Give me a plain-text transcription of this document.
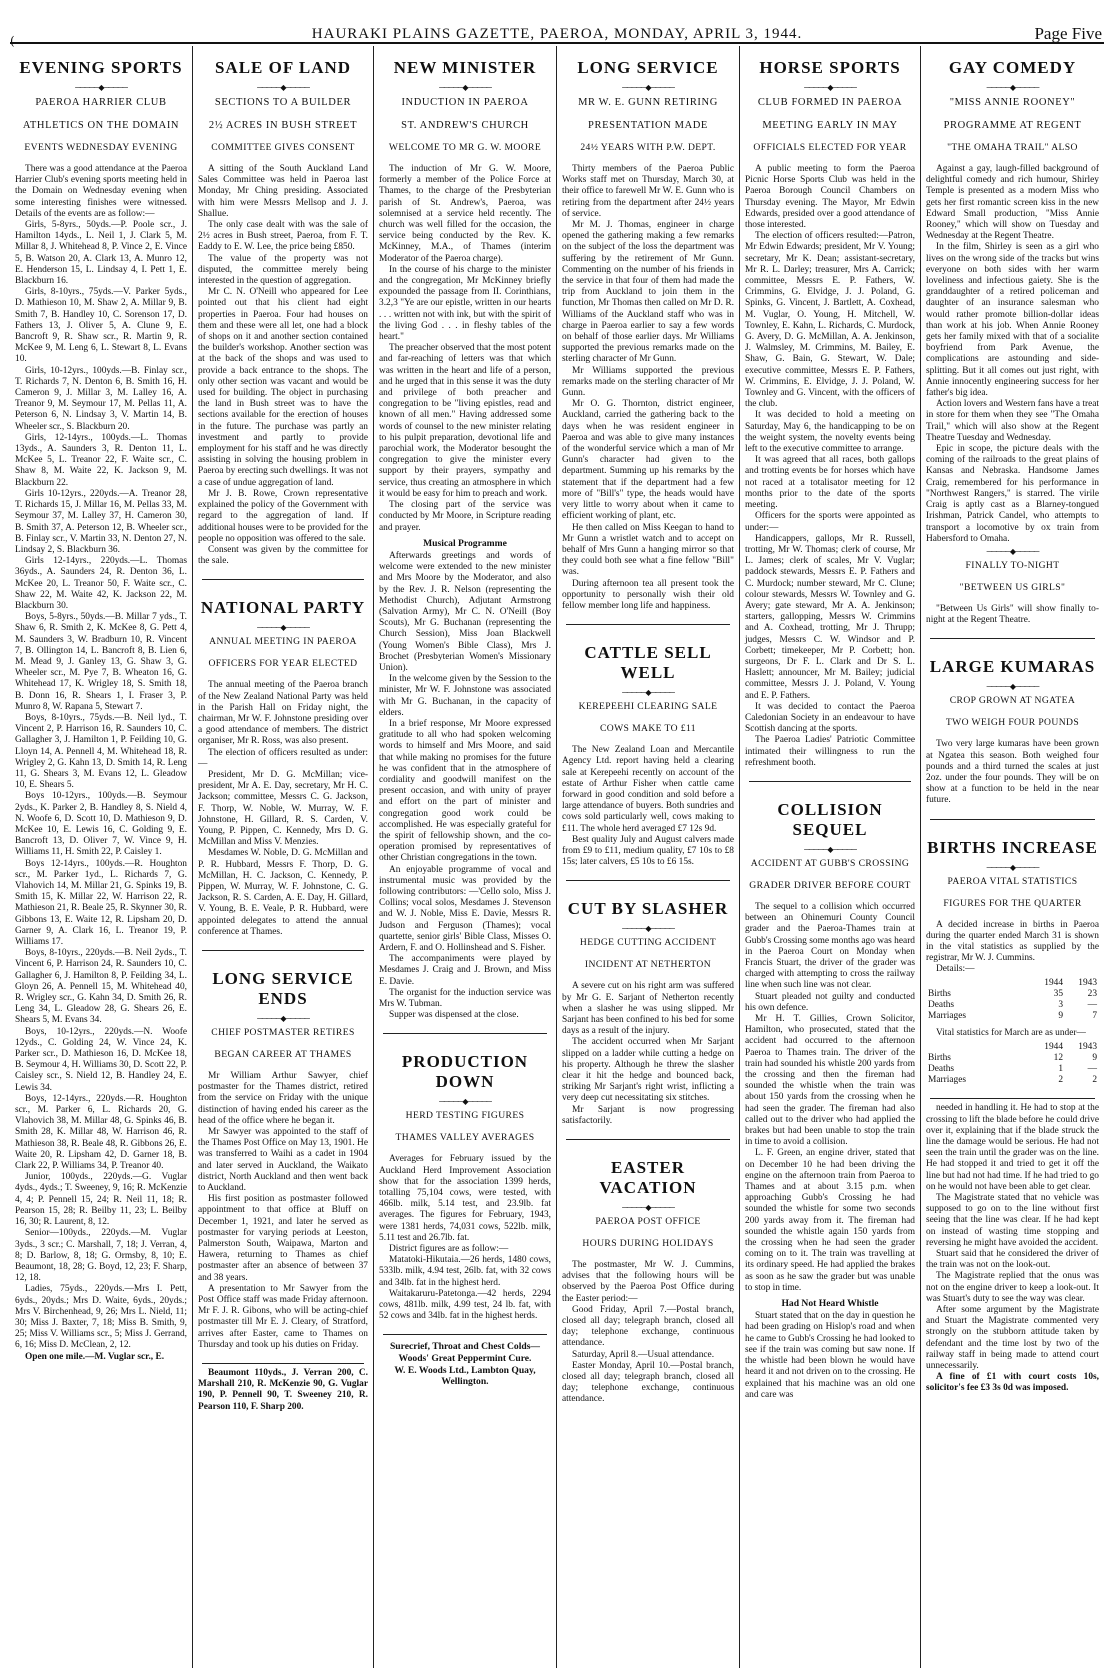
(	HAURAKI PLAINS GAZETTE, PAEROA, MONDAY, APRIL 3, 1944.	Page Five
EVENING SPORTS
─────◆─────
PAEROA HARRIER CLUB
ATHLETICS ON THE DOMAIN
EVENTS WEDNESDAY EVENING

There was a good attendance at the Paeroa Harrier Club's evening sports meeting held in the Domain on Wednesday evening when some interesting finishes were witnessed. Details of the events are as follow:—

Girls, 5-8yrs., 50yds.—P. Poole scr., J. Hamilton 14yds., L. Neil 1, J. Clark 5, M. Millar 8, J. Whitehead 8, P. Vince 2, E. Vince 5, B. Watson 20, A. Clark 13, A. Munro 12, E. Henderson 15, L. Lindsay 4, I. Pett 1, E. Blackburn 16.

Girls, 8-10yrs., 75yds.—V. Parker 5yds., D. Mathieson 10, M. Shaw 2, A. Millar 9, B. Smith 7, B. Handley 10, C. Sorenson 17, D. Fathers 13, J. Oliver 5, A. Clune 9, E. Bancroft 9, R. Shaw scr., R. Martin 9, R. McKee 9, M. Leng 6, L. Stewart 8, L. Evans 10.

Girls, 10-12yrs., 100yds.—B. Finlay scr., T. Richards 7, N. Denton 6, B. Smith 16, H. Cameron 9, J. Millar 3, M. Lalley 16, A. Treanor 9, M. Seymour 17, M. Pellas 11, A. Peterson 6, N. Lindsay 3, V. Martin 14, B. Wheeler scr., S. Blackburn 20.

Girls, 12-14yrs., 100yds.—L. Thomas 13yds., A. Saunders 3, R. Denton 11, L. McKee 5, L. Treanor 22, F. Waite scr., C. Shaw 8, M. Waite 22, K. Jackson 9, M. Blackburn 22.

Girls 10-12yrs., 220yds.—A. Treanor 28, T. Richards 15, J. Millar 16, M. Pellas 33, M. Seymour 37, M. Lalley 37, H. Cameron 30, B. Smith 37, A. Peterson 12, B. Wheeler scr., B. Finlay scr., V. Martin 33, N. Denton 27, N. Lindsay 2, S. Blackburn 36.

Girls 12-14yrs., 220yds.—L. Thomas 36yds., A. Saunders 24, R. Denton 36, L. McKee 20, L. Treanor 50, F. Waite scr., C. Shaw 22, M. Waite 42, K. Jackson 22, M. Blackburn 30.

Boys, 5-8yrs., 50yds.—B. Millar 7 yds., T. Shaw 6, R. Smith 2, K. McKee 8, G. Pett 4, M. Saunders 3, W. Bradburn 10, R. Vincent 7, B. Ollington 14, L. Bancroft 8, B. Lien 6, M. Mead 9, J. Ganley 13, G. Shaw 3, G. Wheeler scr., M. Pye 7, B. Wheaton 16, G. Whitehead 17, K. Wrigley 18, S. Smith 18, B. Donn 16, R. Shears 1, I. Fraser 3, P. Munro 8, W. Rapana 5, Stewart 7.

Boys, 8-10yrs., 75yds.—B. Neil lyd., T. Vincent 2, P. Harrison 16, R. Saunders 10, C. Gallagher 3, J. Hamilton 1, P. Feilding 10, G. Lloyn 14, A. Pennell 4, M. Whitehead 18, R. Wrigley 2, G. Kahn 13, D. Smith 14, R. Leng 11, G. Shears 3, M. Evans 12, L. Gleadow 10, E. Shears 5.

Boys 10-12yrs., 100yds.—B. Seymour 2yds., K. Parker 2, B. Handley 8, S. Nield 4, N. Woofe 6, D. Scott 10, D. Mathieson 9, D. McKee 10, E. Lewis 16, C. Golding 9, E. Bancroft 13, D. Oliver 7, W. Vince 9, H. Williams 11, H. Smith 22, P. Caisley 1.

Boys 12-14yrs., 100yds.—R. Houghton scr., M. Parker 1yd., L. Richards 7, G. Vlahovich 14, M. Millar 21, G. Spinks 19, B. Smith 15, K. Millar 22, W. Harrison 22, R. Mathieson 21, R. Beale 25, R. Skynner 30, R. Gibbons 13, E. Waite 12, R. Lipsham 20, D. Garner 9, A. Clark 16, L. Treanor 19, P. Williams 17.

Boys, 8-10yrs., 220yds.—B. Neil 2yds., T. Vincent 6, P. Harrison 24, R. Saunders 10, C. Gallagher 6, J. Hamilton 8, P. Feilding 34, L. Gloyn 26, A. Pennell 15, M. Whitehead 40, R. Wrigley scr., G. Kahn 34, D. Smith 26, R. Leng 34, L. Gleadow 28, G. Shears 26, E. Shears 5, M. Evans 34.

Boys, 10-12yrs., 220yds.—N. Woofe 12yds., C. Golding 24, W. Vince 24, K. Parker scr., D. Mathieson 16, D. McKee 18, B. Seymour 4, H. Williams 30, D. Scott 22, P. Caisley scr., S. Nield 12, B. Handley 24, E. Lewis 34.

Boys, 12-14yrs., 220yds.—R. Houghton scr., M. Parker 6, L. Richards 20, G. Vlahovich 38, M. Millar 48, G. Spinks 46, B. Smith 28, K. Millar 48, W. Harrison 46, R. Mathieson 38, R. Beale 48, R. Gibbons 26, E. Waite 20, R. Lipsham 42, D. Garner 18, B. Clark 22, P. Williams 34, P. Treanor 40.

Junior, 100yds., 220yds.—G. Vuglar 4yds., 4yds.; T. Sweeney, 9, 16; R. McKenzie 4, 4; P. Pennell 15, 24; R. Neil 11, 18; R. Pearson 15, 28; R. Beilby 11, 23; L. Beilby 16, 30; R. Laurent, 8, 12.

Senior—100yds., 220yds.—M. Vuglar 3yds., 3 scr.; C. Marshall, 7, 18; J. Verran, 4, 8; D. Barlow, 8, 18; G. Ormsby, 8, 10; E. Beaumont, 18, 28; G. Boyd, 12, 23; F. Sharp, 12, 18.

Ladies, 75yds., 220yds.—Mrs I. Pett, 6yds., 20yds.; Mrs D. Waite, 6yds., 20yds.; Mrs V. Birchenhead, 9, 26; Mrs L. Nield, 11; 30; Miss J. Baxter, 7, 18; Miss B. Smith, 9, 25; Miss V. Williams scr., 5; Miss J. Gerrand, 6, 16; Miss D. McClean, 2, 12.

Open one mile.—M. Vuglar scr., E.

SALE OF LAND
─────◆─────
SECTIONS TO A BUILDER
2½ ACRES IN BUSH STREET
COMMITTEE GIVES CONSENT

A sitting of the South Auckland Land Sales Committee was held in Paeroa last Monday, Mr Ching presiding. Associated with him were Messrs Mellsop and J. J. Shallue.

The only case dealt with was the sale of 2½ acres in Bush street, Paeroa, from F. T. Eaddy to E. W. Lee, the price being £850.

The value of the property was not disputed, the committee merely being interested in the question of aggregation.

Mr C. N. O'Neill who appeared for Lee pointed out that his client had eight properties in Paeroa. Four had houses on them and these were all let, one had a block of shops on it and another section contained the builder's workshop. Another section was at the back of the shops and was used to provide a back entrance to the shops. The only other section was vacant and would be used for building. The object in purchasing the land in Bush street was to have the sections available for the erection of houses in the future. The purchase was partly an investment and partly to provide employment for his staff and he was directly assisting in solving the housing problem in Paeroa by erecting such dwellings. It was not a case of undue aggregation of land.

Mr J. B. Rowe, Crown representative explained the policy of the Government with regard to the aggregation of land. If additional houses were to be provided for the people no opposition was offered to the sale.

Consent was given by the committee for the sale.

NATIONAL PARTY
─────◆─────
ANNUAL MEETING IN PAEROA
OFFICERS FOR YEAR ELECTED

The annual meeting of the Paeroa branch of the New Zealand National Party was held in the Parish Hall on Friday night, the chairman, Mr W. F. Johnstone presiding over a good attendance of members. The district organiser, Mr R. Ross, was also present.

The election of officers resulted as under:—

President, Mr D. G. McMillan; vice-president, Mr A. E. Day, secretary, Mr H. C. Jackson; committee, Messrs C. G. Jackson, F. Thorp, W. Noble, W. Murray, W. F. Johnstone, H. Gillard, R. S. Carden, V. Young, P. Pippen, C. Kennedy, Mrs D. G. McMillan and Miss V. Menzies.

Mesdames W. Noble, D. G. McMillan and P. R. Hubbard, Messrs F. Thorp, D. G. McMillan, H. C. Jackson, C. Kennedy, P. Pippen, W. Murray, W. F. Johnstone, C. G. Jackson, R. S. Carden, A. E. Day, H. Gillard, V. Young, B. E. Veale, P. R. Hubbard, were appointed delegates to attend the annual conference at Thames.

LONG SERVICE ENDS
─────◆─────
CHIEF POSTMASTER RETIRES
BEGAN CAREER AT THAMES

Mr William Arthur Sawyer, chief postmaster for the Thames district, retired from the service on Friday with the unique distinction of having ended his career as the head of the office where he began it.

Mr Sawyer was appointed to the staff of the Thames Post Office on May 13, 1901. He was transferred to Waihi as a cadet in 1904 and later served in Auckland, the Waikato district, North Auckland and then went back to Auckland.

His first position as postmaster followed appointment to that office at Bluff on December 1, 1921, and later he served as postmaster for varying periods at Leeston, Palmerston South, Waipawa, Marton and Hawera, returning to Thames as chief postmaster after an absence of between 37 and 38 years.

A presentation to Mr Sawyer from the Post Office staff was made Friday afternoon. Mr F. J. R. Gibons, who will be acting-chief postmaster till Mr E. J. Cleary, of Stratford, arrives after Easter, came to Thames on Thursday and took up his duties on Friday.

Beaumont 110yds., J. Verran 200, C. Marshall 210, R. McKenzie 90, G. Vuglar 190, P. Pennell 90, T. Sweeney 210, R. Pearson 110, F. Sharp 200.

NEW MINISTER
─────◆─────
INDUCTION IN PAEROA
ST. ANDREW'S CHURCH
WELCOME TO MR G. W. MOORE

The induction of Mr G. W. Moore, formerly a member of the Police Force at Thames, to the charge of the Presbyterian parish of St. Andrew's, Paeroa, was solemnised at a service held recently. The church was well filled for the occasion, the service being conducted by the Rev. K. McKinney, M.A., of Thames (interim Moderator of the Paeroa charge).

In the course of his charge to the minister and the congregation, Mr McKinney briefly expounded the passage from II. Corinthians, 3.2,3 "Ye are our epistle, written in our hearts . . . written not with ink, but with the spirit of the living God . . . in fleshy tables of the heart."

The preacher observed that the most potent and far-reaching of letters was that which was written in the heart and life of a person, and he urged that in this sense it was the duty and privilege of both preacher and congregation to be "living epistles, read and known of all men." Having addressed some words of counsel to the new minister relating to his pulpit preparation, devotional life and parochial work, the Moderator besought the congregation to give the minister every support by their prayers, sympathy and service, thus creating an atmosphere in which it would be easy for him to preach and work.

The closing part of the service was conducted by Mr Moore, in Scripture reading and prayer.

Musical Programme

Afterwards greetings and words of welcome were extended to the new minister and Mrs Moore by the Moderator, and also by the Rev. J. R. Nelson (representing the Methodist Church), Adjutant Armstrong (Salvation Army), Mr C. N. O'Neill (Boy Scouts), Mr G. Buchanan (representing the Church Session), Miss Joan Blackwell (Young Women's Bible Class), Mrs J. Brochet (Presbyterian Women's Missionary Union).

In the welcome given by the Session to the minister, Mr W. F. Johnstone was associated with Mr G. Buchanan, in the capacity of elders.

In a brief response, Mr Moore expressed gratitude to all who had spoken welcoming words to himself and Mrs Moore, and said that while making no promises for the future he was confident that in the atmosphere of cordiality and goodwill manifest on the present occasion, and with unity of prayer and effort on the part of minister and congregation good work could be accomplished. He was especially grateful for the spirit of fellowship shown, and the co-operation promised by representatives of other Christian congregations in the town.

An enjoyable programme of vocal and instrumental music was provided by the following contributors: —'Cello solo, Miss J. Collins; vocal solos, Mesdames J. Stevenson and W. J. Noble, Miss E. Davie, Messrs R. Judson and Ferguson (Thames); vocal quartette, senior girls' Bible Class, Misses O. Ardern, F. and O. Hollinshead and S. Fisher.

The accompaniments were played by Mesdames J. Craig and J. Brown, and Miss E. Davie.

The organist for the induction service was Mrs W. Tubman.

Supper was dispensed at the close.

PRODUCTION DOWN
─────◆─────
HERD TESTING FIGURES
THAMES VALLEY AVERAGES

Averages for February issued by the Auckland Herd Improvement Association show that for the association 1399 herds, totalling 75,104 cows, were tested, with 466lb. milk, 5.14 test, and 23.9lb. fat averages. The figures for February, 1943, were 1381 herds, 74,031 cows, 522lb. milk, 5.11 test and 26.7lb. fat.

District figures are as follow:—

Matatoki-Hikutaia.—26 herds, 1480 cows, 533lb. milk, 4.94 test, 26lb. fat, with 32 cows and 34lb. fat in the highest herd.

Waitakaruru-Patetonga.—42 herds, 2294 cows, 481lb. milk, 4.99 test, 24 lb. fat, with 52 cows and 34lb. fat in the highest herds.

Surecrief, Throat and Chest Colds—Woods' Great Peppermint Cure.
W. E. Woods Ltd., Lambton Quay, Wellington.
LONG SERVICE
─────◆─────
MR W. E. GUNN RETIRING
PRESENTATION MADE
24½ YEARS WITH P.W. DEPT.

Thirty members of the Paeroa Public Works staff met on Thursday, March 30, at their office to farewell Mr W. E. Gunn who is retiring from the department after 24½ years of service.

Mr M. J. Thomas, engineer in charge opened the gathering making a few remarks on the subject of the loss the department was suffering by the retirement of Mr Gunn. Commenting on the number of his friends in the service in that four of them had made the trip from Auckland to join them in the function, Mr Thomas then called on Mr D. R. Williams of the Auckland staff who was in charge in Paeroa earlier to say a few words on behalf of those earlier days. Mr Williams supported the previous remarks made on the sterling character of Mr Gunn.

Mr Williams supported the previous remarks made on the sterling character of Mr Gunn.

Mr O. G. Thornton, district engineer, Auckland, carried the gathering back to the days when he was resident engineer in Paeroa and was able to give many instances of the wonderful service which a man of Mr Gunn's character had given to the department. Summing up his remarks by the statement that if the department had a few more of "Bill's" type, the heads would have very little to worry about when it came to efficient working of plant, etc.

He then called on Miss Keegan to hand to Mr Gunn a wristlet watch and to accept on behalf of Mrs Gunn a hanging mirror so that they could both see what a fine fellow "Bill" was.

During afternoon tea all present took the opportunity to personally wish their old fellow member long life and happiness.

CATTLE SELL WELL
─────◆─────
KEREPEEHI CLEARING SALE
COWS MAKE TO £11

The New Zealand Loan and Mercantile Agency Ltd. report having held a clearing sale at Kerepeehi recently on account of the estate of Arthur Fisher when cattle came forward in good condition and sold before a large attendance of buyers. Both sundries and cows sold particularly well, cows making to £11. The whole herd averaged £7 12s 9d.

Best quality July and August calvers made from £9 to £11, medium quality, £7 10s to £8 15s; later calvers, £5 10s to £6 15s.

CUT BY SLASHER
─────◆─────
HEDGE CUTTING ACCIDENT
INCIDENT AT NETHERTON

A severe cut on his right arm was suffered by Mr G. E. Sarjant of Netherton recently when a slasher he was using slipped. Mr Sarjant has been confined to his bed for some days as a result of the injury.

The accident occurred when Mr Sarjant slipped on a ladder while cutting a hedge on his property. Although he threw the slasher clear it hit the hedge and bounced back, striking Mr Sarjant's right wrist, inflicting a very deep cut necessitating six stitches.

Mr Sarjant is now progressing satisfactorily.

EASTER VACATION
─────◆─────
PAEROA POST OFFICE
HOURS DURING HOLIDAYS

The postmaster, Mr W. J. Cummins, advises that the following hours will be observed by the Paeroa Post Office during the Easter period:—

Good Friday, April 7.—Postal branch, closed all day; telegraph branch, closed all day; telephone exchange, continuous attendance.

Saturday, April 8.—Usual attendance.

Easter Monday, April 10.—Postal branch, closed all day; telegraph branch, closed all day; telephone exchange, continuous attendance.

HORSE SPORTS
─────◆─────
CLUB FORMED IN PAEROA
MEETING EARLY IN MAY
OFFICIALS ELECTED FOR YEAR

A public meeting to form the Paeroa Picnic Horse Sports Club was held in the Paeroa Borough Council Chambers on Thursday evening. The Mayor, Mr Edwin Edwards, presided over a good attendance of those interested.

The election of officers resulted:—Patron, Mr Edwin Edwards; president, Mr V. Young; secretary, Mr K. Dean; assistant-secretary, Mr R. L. Darley; treasurer, Mrs A. Carrick; committee, Messrs E. P. Fathers, W. Crimmins, G. Elvidge, J. J. Poland, G. Spinks, G. Vincent, J. Bartlett, A. Coxhead, M. Vuglar, O. Young, H. Mitchell, W. Townley, E. Kahn, L. Richards, C. Murdock, G. Avery, D. G. McMillan, A. A. Jenkinson, J. Walmsley, M. Crimmins, M. Bailey, E. Shaw, G. Bain, G. Stewart, W. Dale; executive committee, Messrs E. P. Fathers, W. Crimmins, E. Elvidge, J. J. Poland, W. Townley and G. Vincent, with the officers of the club.

It was decided to hold a meeting on Saturday, May 6, the handicapping to be on the weight system, the novelty events being left to the executive committee to arrange.

It was agreed that all races, both gallops and trotting events be for horses which have not raced at a totalisator meeting for 12 months prior to the date of the sports meeting.

Officers for the sports were appointed as under:—

Handicappers, gallops, Mr R. Russell, trotting, Mr W. Thomas; clerk of course, Mr L. James; clerk of scales, Mr V. Vuglar; paddock stewards, Messrs E. P. Fathers and C. Murdock; number steward, Mr C. Clune; colour stewards, Messrs W. Townley and G. Avery; gate steward, Mr A. A. Jenkinson; starters, gallopping, Messrs W. Crimmins and A. Coxhead, trotting, Mr J. Thrupp; judges, Messrs C. W. Windsor and P. Corbett; timekeeper, Mr P. Corbett; hon. surgeons, Dr F. L. Clark and Dr S. L. Haslett; announcer, Mr M. Bailey; judicial committee, Messrs J. J. Poland, V. Young and E. P. Fathers.

It was decided to contact the Paeroa Caledonian Society in an endeavour to have Scottish dancing at the sports.

The Paeroa Ladies' Patriotic Committee intimated their willingness to run the refreshment booth.

COLLISION SEQUEL
─────◆─────
ACCIDENT AT GUBB'S CROSSING
GRADER DRIVER BEFORE COURT

The sequel to a collision which occurred between an Ohinemuri County Council grader and the Paeroa-Thames train at Gubb's Crossing some months ago was heard in the Paeroa Court on Monday when Francis Stuart, the driver of the grader was charged with attempting to cross the railway line when such line was not clear.

Stuart pleaded not guilty and conducted his own defence.

Mr H. T. Gillies, Crown Solicitor, Hamilton, who prosecuted, stated that the accident had occurred to the afternoon Paeroa to Thames train. The driver of the train had sounded his whistle 200 yards from the crossing and then the fireman had sounded the whistle when the train was about 150 yards from the crossing when he had seen the grader. The fireman had also called out to the driver who had applied the brakes but had been unable to stop the train in time to avoid a collision.

L. F. Green, an engine driver, stated that on December 10 he had been driving the engine on the afternoon train from Paeroa to Thames and at about 3.15 p.m. when approaching Gubb's Crossing he had sounded the whistle for some two seconds 200 yards away from it. The fireman had sounded the whistle again 150 yards from the crossing when he had seen the grader coming on to it. The train was travelling at its ordinary speed. He had applied the brakes as soon as he saw the grader but was unable to stop in time.

Had Not Heard Whistle

Stuart stated that on the day in question he had been grading on Hislop's road and when he came to Gubb's Crossing he had looked to see if the train was coming but saw none. If the whistle had been blown he would have heard it and not driven on to the crossing. He explained that his machine was an old one and care was

GAY COMEDY
─────◆─────
"MISS ANNIE ROONEY"
PROGRAMME AT REGENT
"THE OMAHA TRAIL" ALSO

Against a gay, laugh-filled background of delightful comedy and rich humour, Shirley Temple is presented as a modern Miss who gets her first romantic screen kiss in the new Edward Small production, "Miss Annie Rooney," which will show on Tuesday and Wednesday at the Regent Theatre.

In the film, Shirley is seen as a girl who lives on the wrong side of the tracks but wins everyone on both sides with her warm loveliness and infectious gaiety. She is the granddaughter of a retired policeman and daughter of an insurance salesman who would rather promote billion-dollar ideas than work at his job. When Annie Rooney gets her family mixed with that of a socialite boyfriend from Park Avenue, the complications are astounding and side-splitting. But it all comes out just right, with Annie innocently engineering success for her father's big idea.

Action lovers and Western fans have a treat in store for them when they see "The Omaha Trail," which will also show at the Regent Theatre Tuesday and Wednesday.

Epic in scope, the picture deals with the coming of the railroads to the great plains of Kansas and Nebraska. Handsome James Craig, remembered for his performance in "Northwest Rangers," is starred. The virile Craig is aptly cast as a Blarney-tongued Irishman, Patrick Candel, who attempts to transport a locomotive by ox train from Habersford to Omaha.

─────◆─────
FINALLY TO-NIGHT
"BETWEEN US GIRLS"

"Between Us Girls" will show finally to-night at the Regent Theatre.

LARGE KUMARAS
─────◆─────
CROP GROWN AT NGATEA
TWO WEIGH FOUR POUNDS

Two very large kumaras have been grown at Ngatea this season. Both weighed four pounds and a third turned the scales at just 2oz. under the four pounds. They will be on show at a function to be held in the near future.

BIRTHS INCREASE
─────◆─────
PAEROA VITAL STATISTICS
FIGURES FOR THE QUARTER

A decided increase in births in Paeroa during the quarter ended March 31 is shown in the vital statistics as supplied by the registrar, Mr W. J. Cummins.

Details:—

	1944	1943
Births	35	23
Deaths	3	—
Marriages	9	7

Vital statistics for March are as under—

	1944	1943
Births	12	9
Deaths	1	—
Marriages	2	2

needed in handling it. He had to stop at the crossing to lift the blade before he could drive over it, explaining that if the blade struck the line the damage would be serious. He had not seen the train until the grader was on the line. He had stopped it and tried to get it off the line but had not had time. If he had tried to go on he would not have been able to get clear.

The Magistrate stated that no vehicle was supposed to go on to the line without first seeing that the line was clear. If he had kept on instead of wasting time stopping and reversing he might have avoided the accident.

Stuart said that he considered the driver of the train was not on the look-out.

The Magistrate replied that the onus was not on the engine driver to keep a look-out. It was Stuart's duty to see the way was clear.

After some argument by the Magistrate and Stuart the Magistrate commented very strongly on the stubborn attitude taken by defendant and the time lost by two of the railway staff in being made to attend court unnecessarily.

A fine of £1 with court costs 10s, solicitor's fee £3 3s 0d was imposed.
